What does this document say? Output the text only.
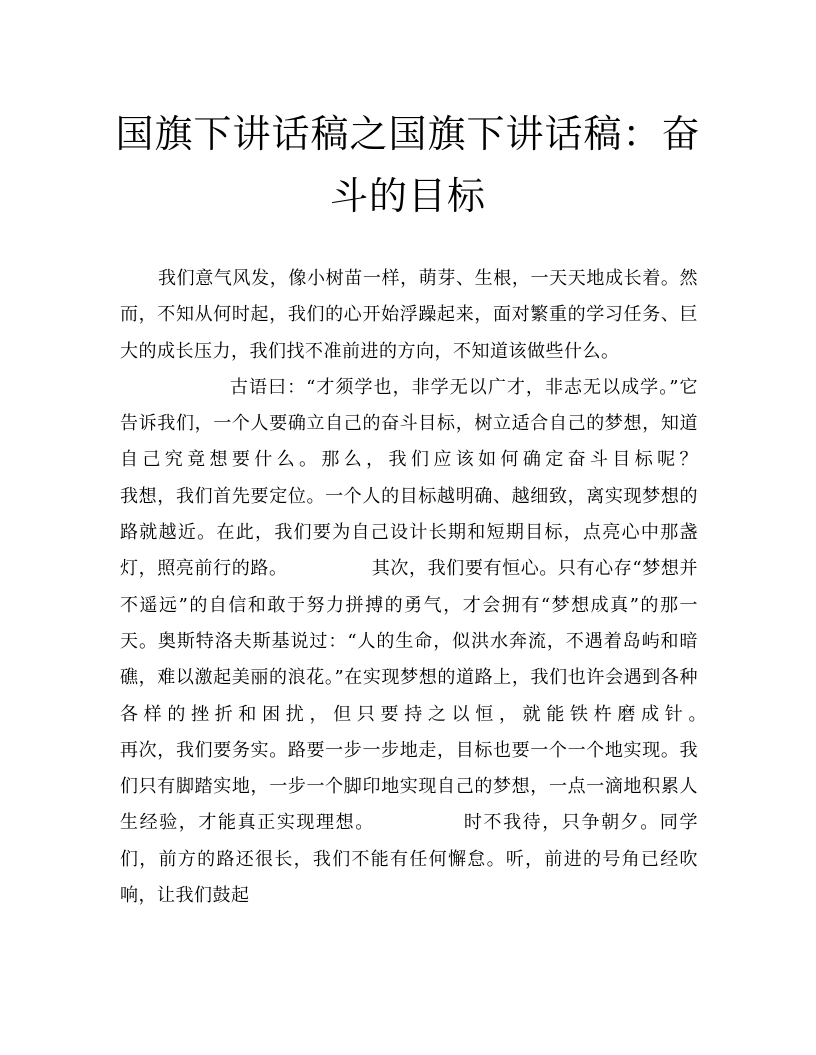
国旗下讲话稿之国旗下讲话稿：奋斗的目标

我们意气风发，像小树苗一样，萌芽、生根，一天天地成长着。然而，不知从何时起，我们的心开始浮躁起来，面对繁重的学习任务、巨大的成长压力，我们找不准前进的方向，不知道该做些什么。

古语曰：“才须学也，非学无以广才，非志无以成学。”它告诉我们，一个人要确立自己的奋斗目标，树立适合自己的梦想，知道自己究竟想要什么。那么，我们应该如何确定奋斗目标呢？　　　　　　我想，我们首先要定位。一个人的目标越明确、越细致，离实现梦想的路就越近。在此，我们要为自己设计长期和短期目标，点亮心中那盏灯，照亮前行的路。　　　　　其次，我们要有恒心。只有心存“梦想并不遥远”的自信和敢于努力拼搏的勇气，才会拥有“梦想成真”的那一天。奥斯特洛夫斯基说过：“人的生命，似洪水奔流，不遇着岛屿和暗礁，难以激起美丽的浪花。”在实现梦想的道路上，我们也许会遇到各种各样的挫折和困扰，但只要持之以恒，就能铁杵磨成针。　　　　　　再次，我们要务实。路要一步一步地走，目标也要一个一个地实现。我们只有脚踏实地，一步一个脚印地实现自己的梦想，一点一滴地积累人生经验，才能真正实现理想。　　　　　时不我待，只争朝夕。同学们，前方的路还很长，我们不能有任何懈怠。听，前进的号角已经吹响，让我们鼓起
